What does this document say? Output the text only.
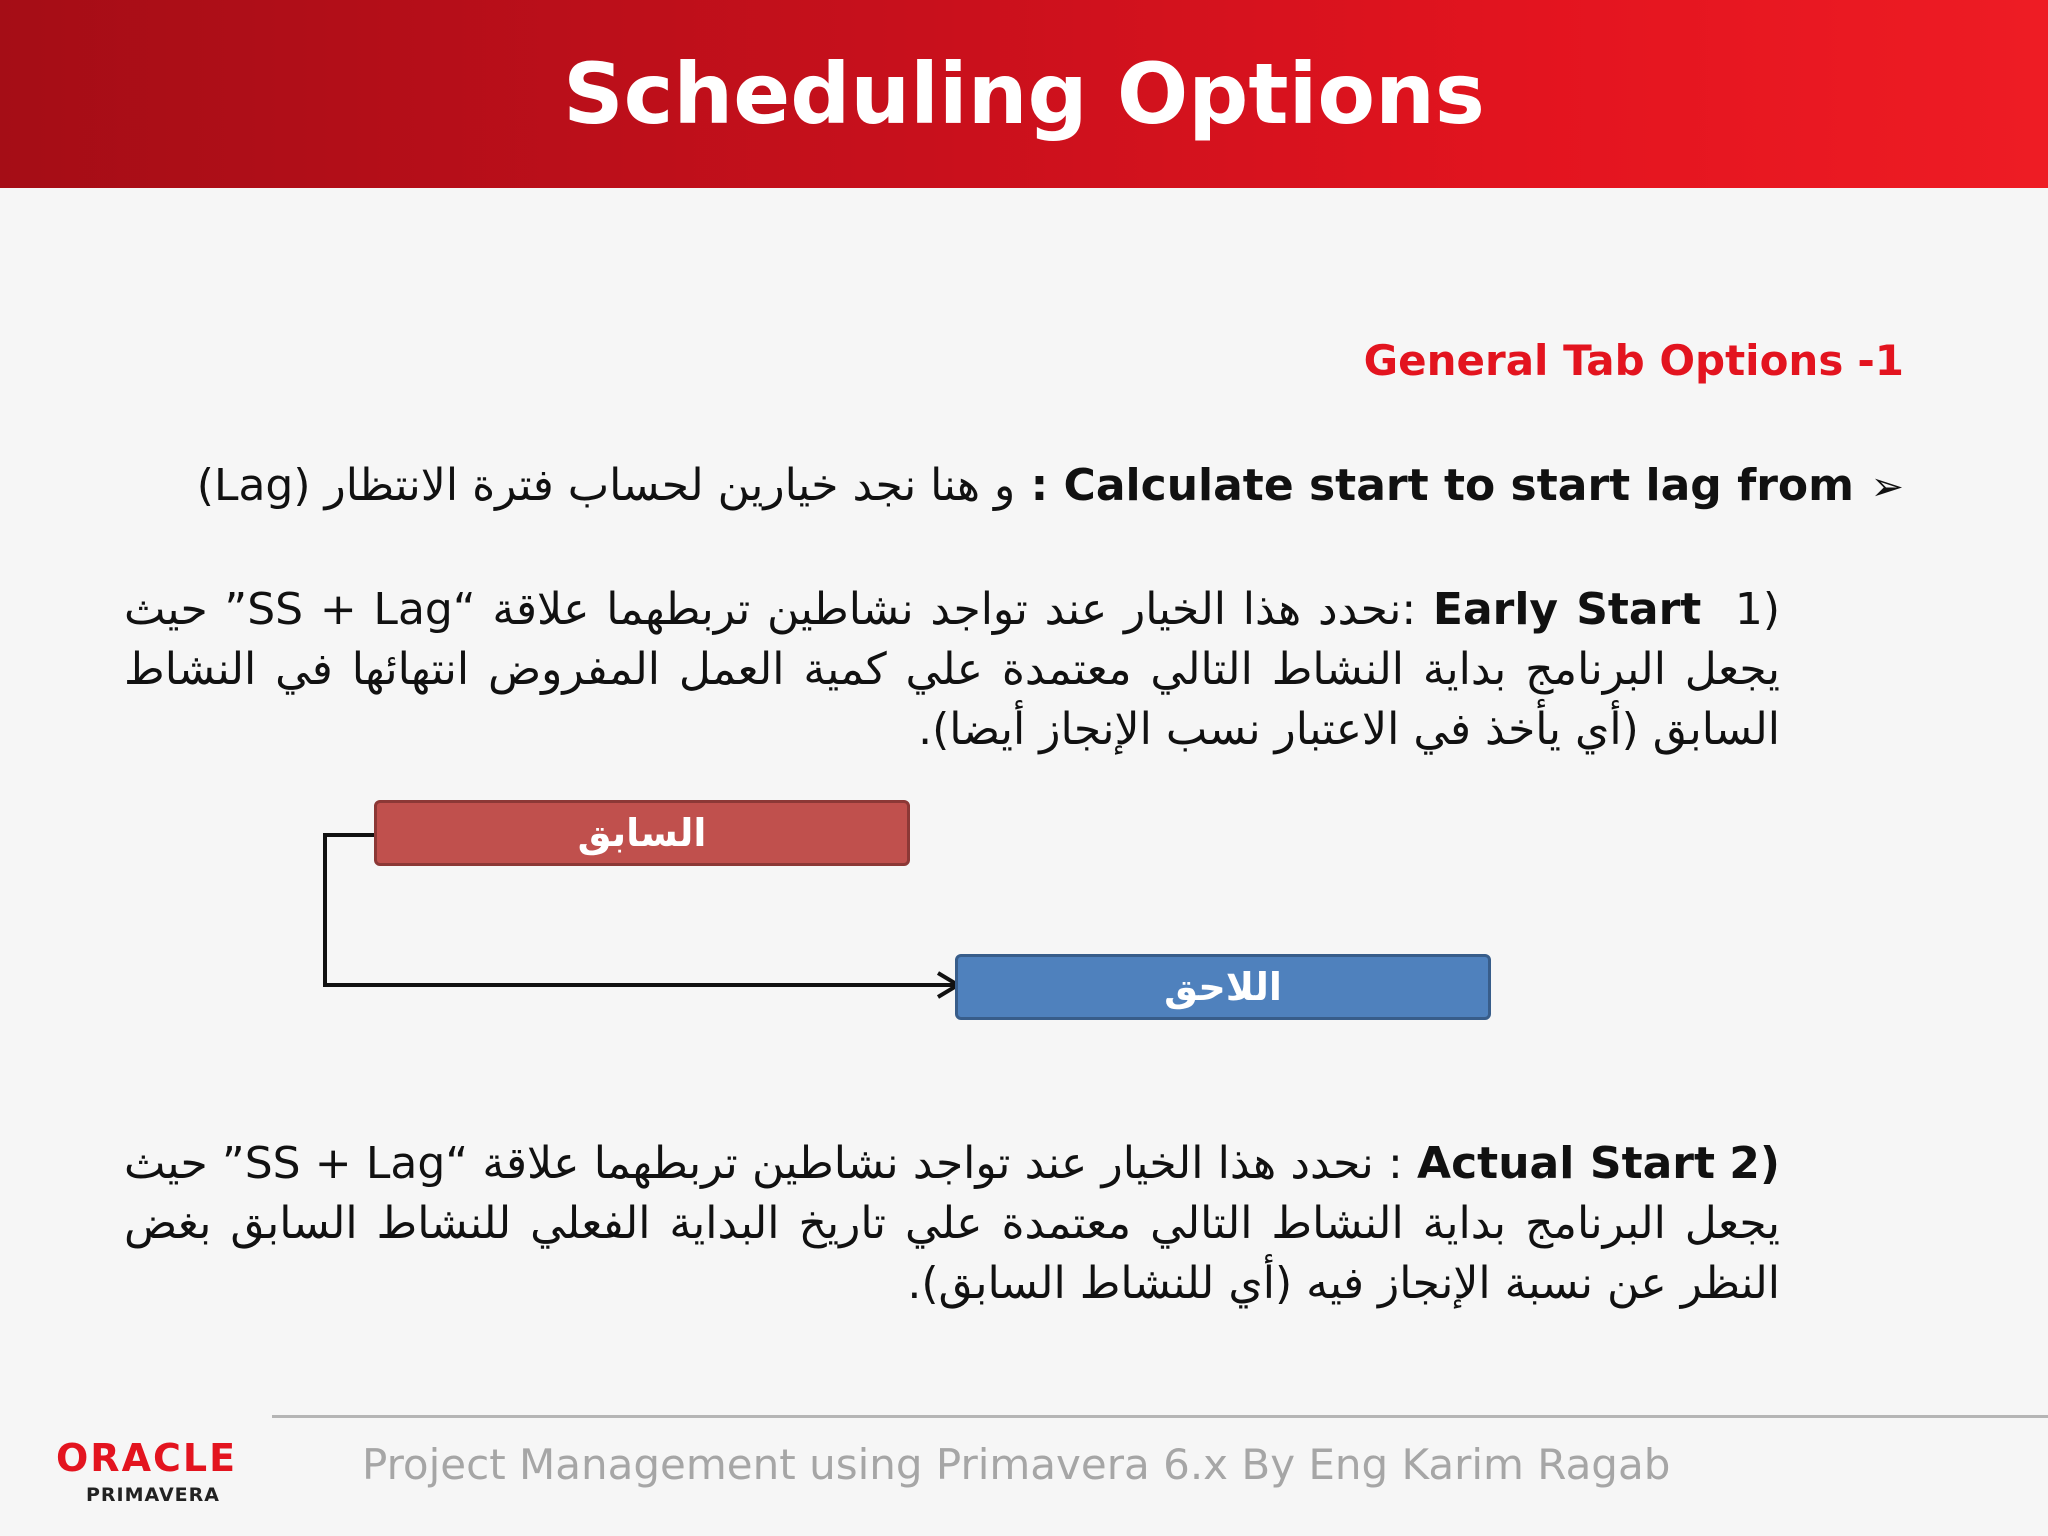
Scheduling Options
General Tab Options -1
➢
Calculate start to start lag from : و هنا نجد خيارين لحساب فترة الانتظار (Lag)
(1  Early Start :نحدد هذا الخيار عند تواجد نشاطين تربطهما علاقة “SS + Lag” حيث يجعل البرنامج بداية النشاط التالي معتمدة علي كمية العمل المفروض انتهائها في النشاط السابق (أي يأخذ في الاعتبار نسب الإنجاز أيضا).
السابق
اللاحق
(2 Actual Start : نحدد هذا الخيار عند تواجد نشاطين تربطهما علاقة “SS + Lag” حيث يجعل البرنامج بداية النشاط التالي معتمدة علي تاريخ البداية الفعلي للنشاط السابق بغض النظر عن نسبة الإنجاز فيه (أي للنشاط السابق).
ORACLE
PRIMAVERA
Project Management using Primavera 6.x By Eng Karim Ragab
